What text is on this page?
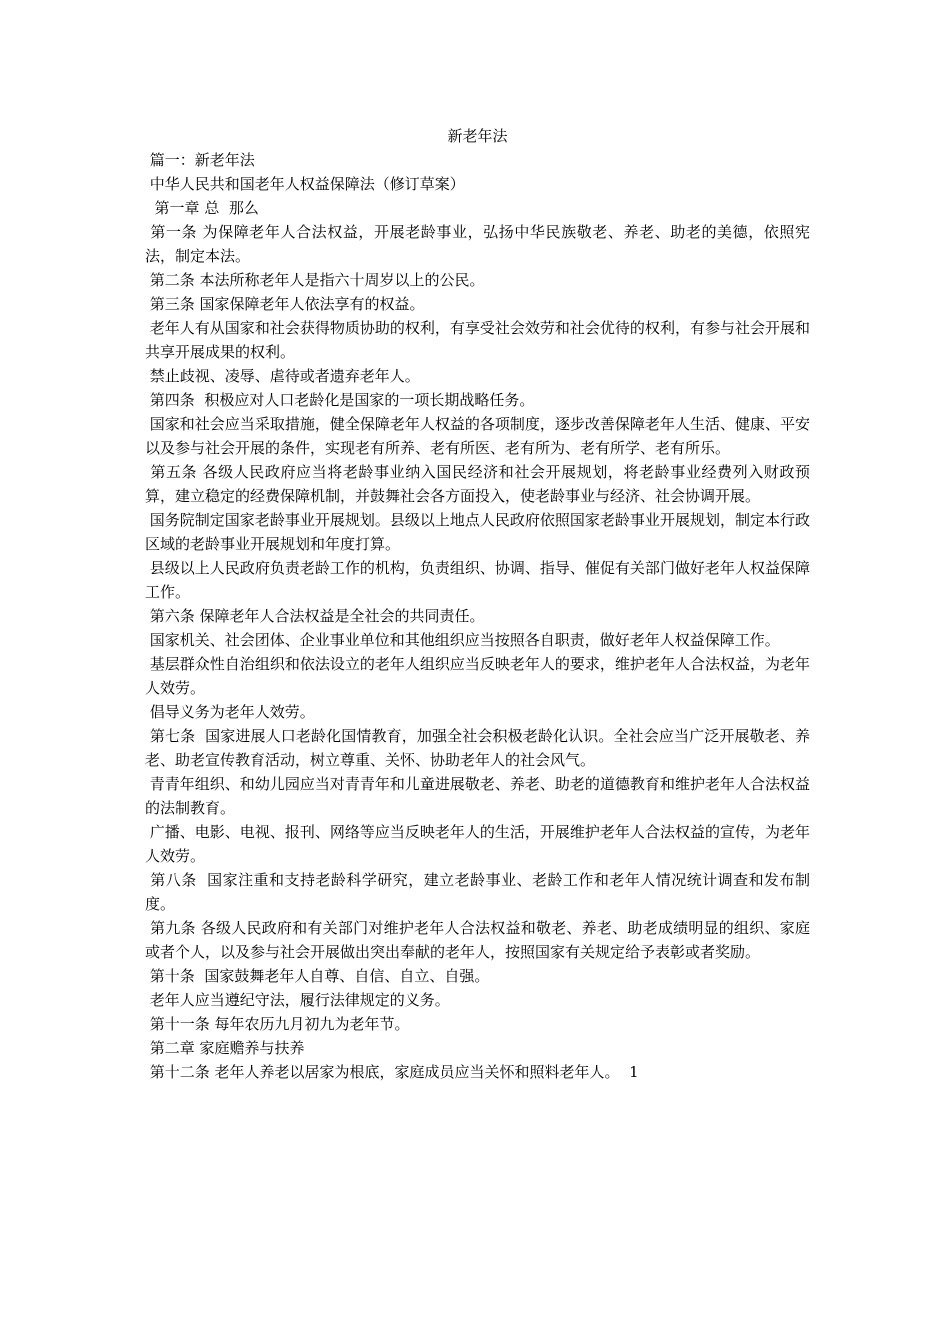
新老年法

篇一：新老年法

中华人民共和国老年人权益保障法（修订草案）

第一章 总  那么

第一条 为保障老年人合法权益，开展老龄事业，弘扬中华民族敬老、养老、助老的美德，依照宪法，制定本法。

第二条 本法所称老年人是指六十周岁以上的公民。

第三条 国家保障老年人依法享有的权益。

老年人有从国家和社会获得物质协助的权利，有享受社会效劳和社会优待的权利，有参与社会开展和共享开展成果的权利。

禁止歧视、凌辱、虐待或者遗弃老年人。

第四条  积极应对人口老龄化是国家的一项长期战略任务。

国家和社会应当采取措施，健全保障老年人权益的各项制度，逐步改善保障老年人生活、健康、平安以及参与社会开展的条件，实现老有所养、老有所医、老有所为、老有所学、老有所乐。

第五条 各级人民政府应当将老龄事业纳入国民经济和社会开展规划，将老龄事业经费列入财政预算，建立稳定的经费保障机制，并鼓舞社会各方面投入，使老龄事业与经济、社会协调开展。

国务院制定国家老龄事业开展规划。县级以上地点人民政府依照国家老龄事业开展规划，制定本行政区域的老龄事业开展规划和年度打算。

县级以上人民政府负责老龄工作的机构，负责组织、协调、指导、催促有关部门做好老年人权益保障工作。

第六条 保障老年人合法权益是全社会的共同责任。

国家机关、社会团体、企业事业单位和其他组织应当按照各自职责，做好老年人权益保障工作。

基层群众性自治组织和依法设立的老年人组织应当反映老年人的要求，维护老年人合法权益，为老年人效劳。

倡导义务为老年人效劳。

第七条  国家进展人口老龄化国情教育，加强全社会积极老龄化认识。全社会应当广泛开展敬老、养老、助老宣传教育活动，树立尊重、关怀、协助老年人的社会风气。

青青年组织、和幼儿园应当对青青年和儿童进展敬老、养老、助老的道德教育和维护老年人合法权益的法制教育。

广播、电影、电视、报刊、网络等应当反映老年人的生活，开展维护老年人合法权益的宣传，为老年人效劳。

第八条  国家注重和支持老龄科学研究，建立老龄事业、老龄工作和老年人情况统计调查和发布制度。

第九条 各级人民政府和有关部门对维护老年人合法权益和敬老、养老、助老成绩明显的组织、家庭或者个人，以及参与社会开展做出突出奉献的老年人，按照国家有关规定给予表彰或者奖励。

第十条  国家鼓舞老年人自尊、自信、自立、自强。

老年人应当遵纪守法，履行法律规定的义务。

第十一条 每年农历九月初九为老年节。

第二章 家庭赡养与扶养

第十二条 老年人养老以居家为根底，家庭成员应当关怀和照料老年人。  1
